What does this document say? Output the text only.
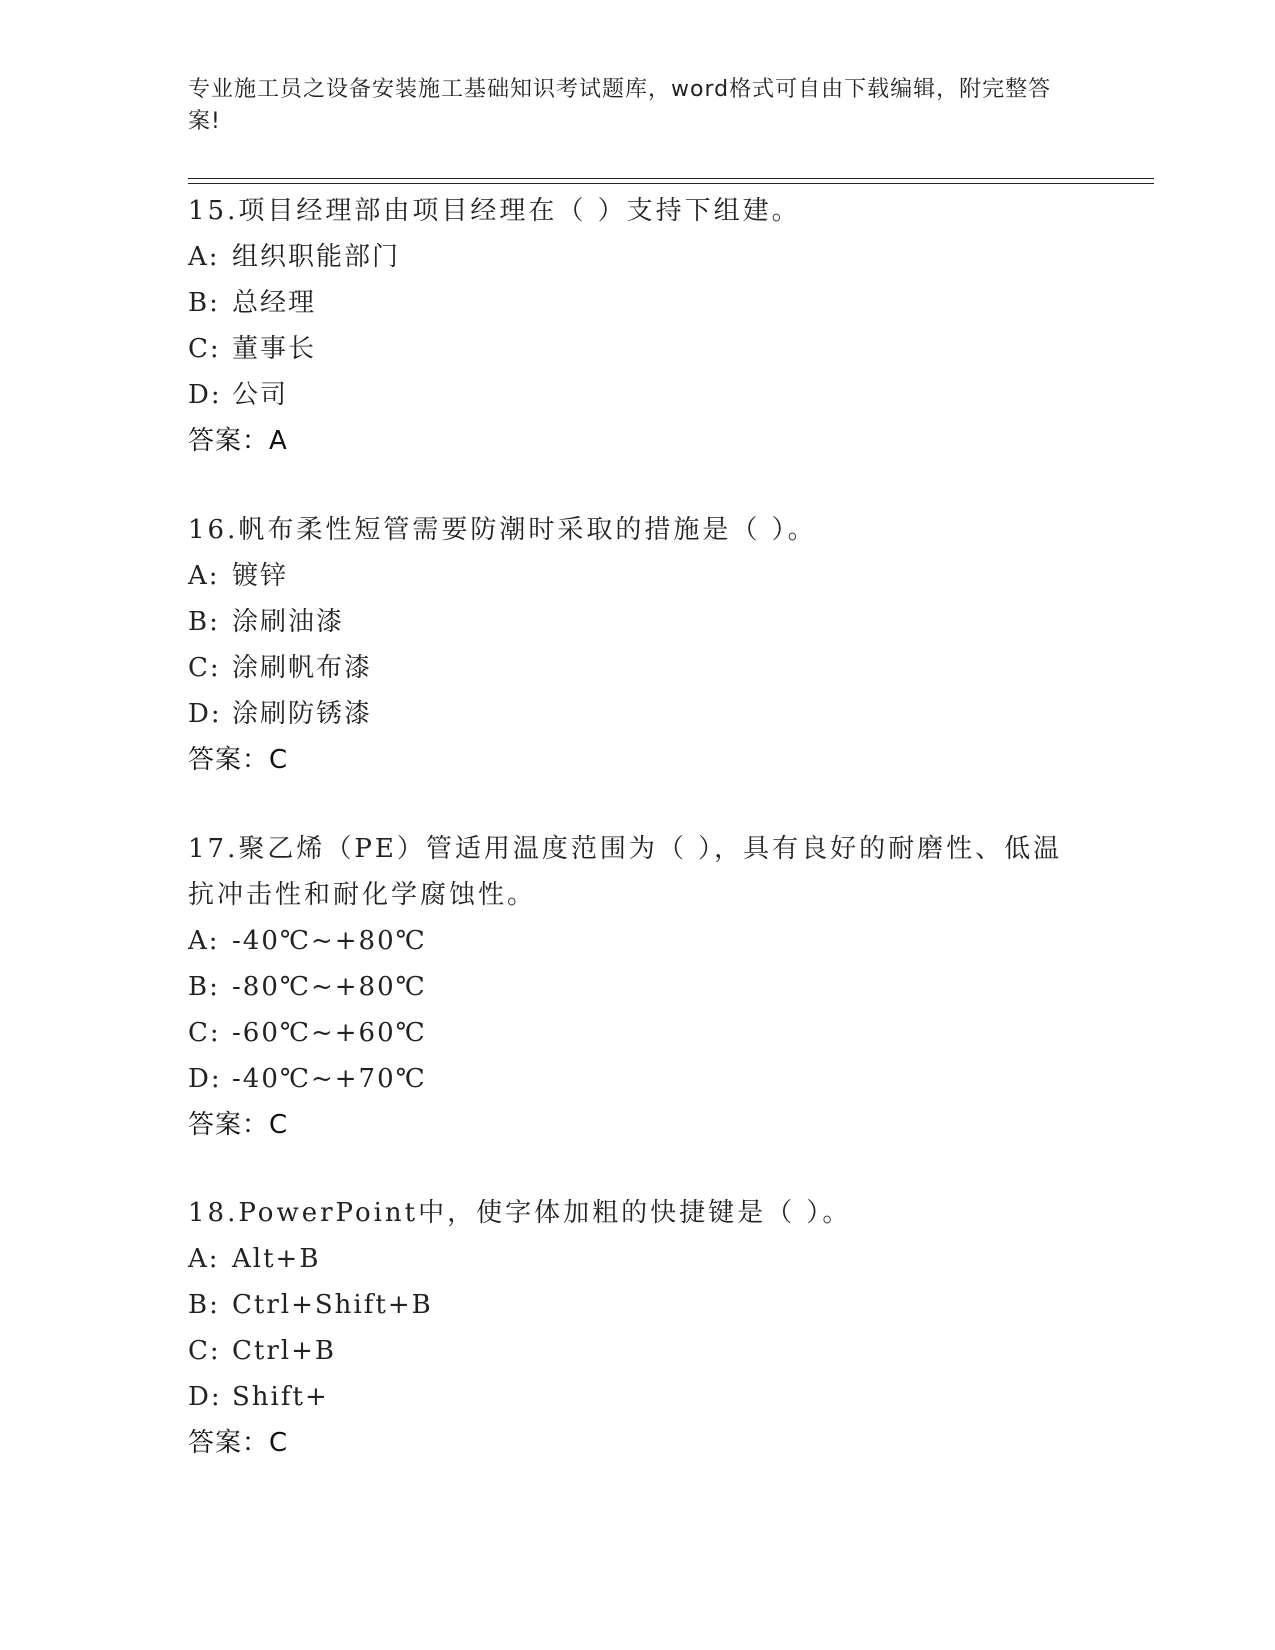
专业施工员之设备安装施工基础知识考试题库，word格式可自由下载编辑，附完整答案!
15.项目经理部由项目经理在（ ）支持下组建。
A: 组织职能部门
B: 总经理
C: 董事长
D: 公司
答案：A
16.帆布柔性短管需要防潮时采取的措施是（ ）。
A: 镀锌
B: 涂刷油漆
C: 涂刷帆布漆
D: 涂刷防锈漆
答案：C
17.聚乙烯（PE）管适用温度范围为（ ），具有良好的耐磨性、低温抗冲击性和耐化学腐蚀性。
A: -40℃~+80℃
B: -80℃~+80℃
C: -60℃~+60℃
D: -40℃~+70℃
答案：C
18.PowerPoint中，使字体加粗的快捷键是（ ）。
A: Alt+B
B: Ctrl+Shift+B
C: Ctrl+B
D: Shift+
答案：C
